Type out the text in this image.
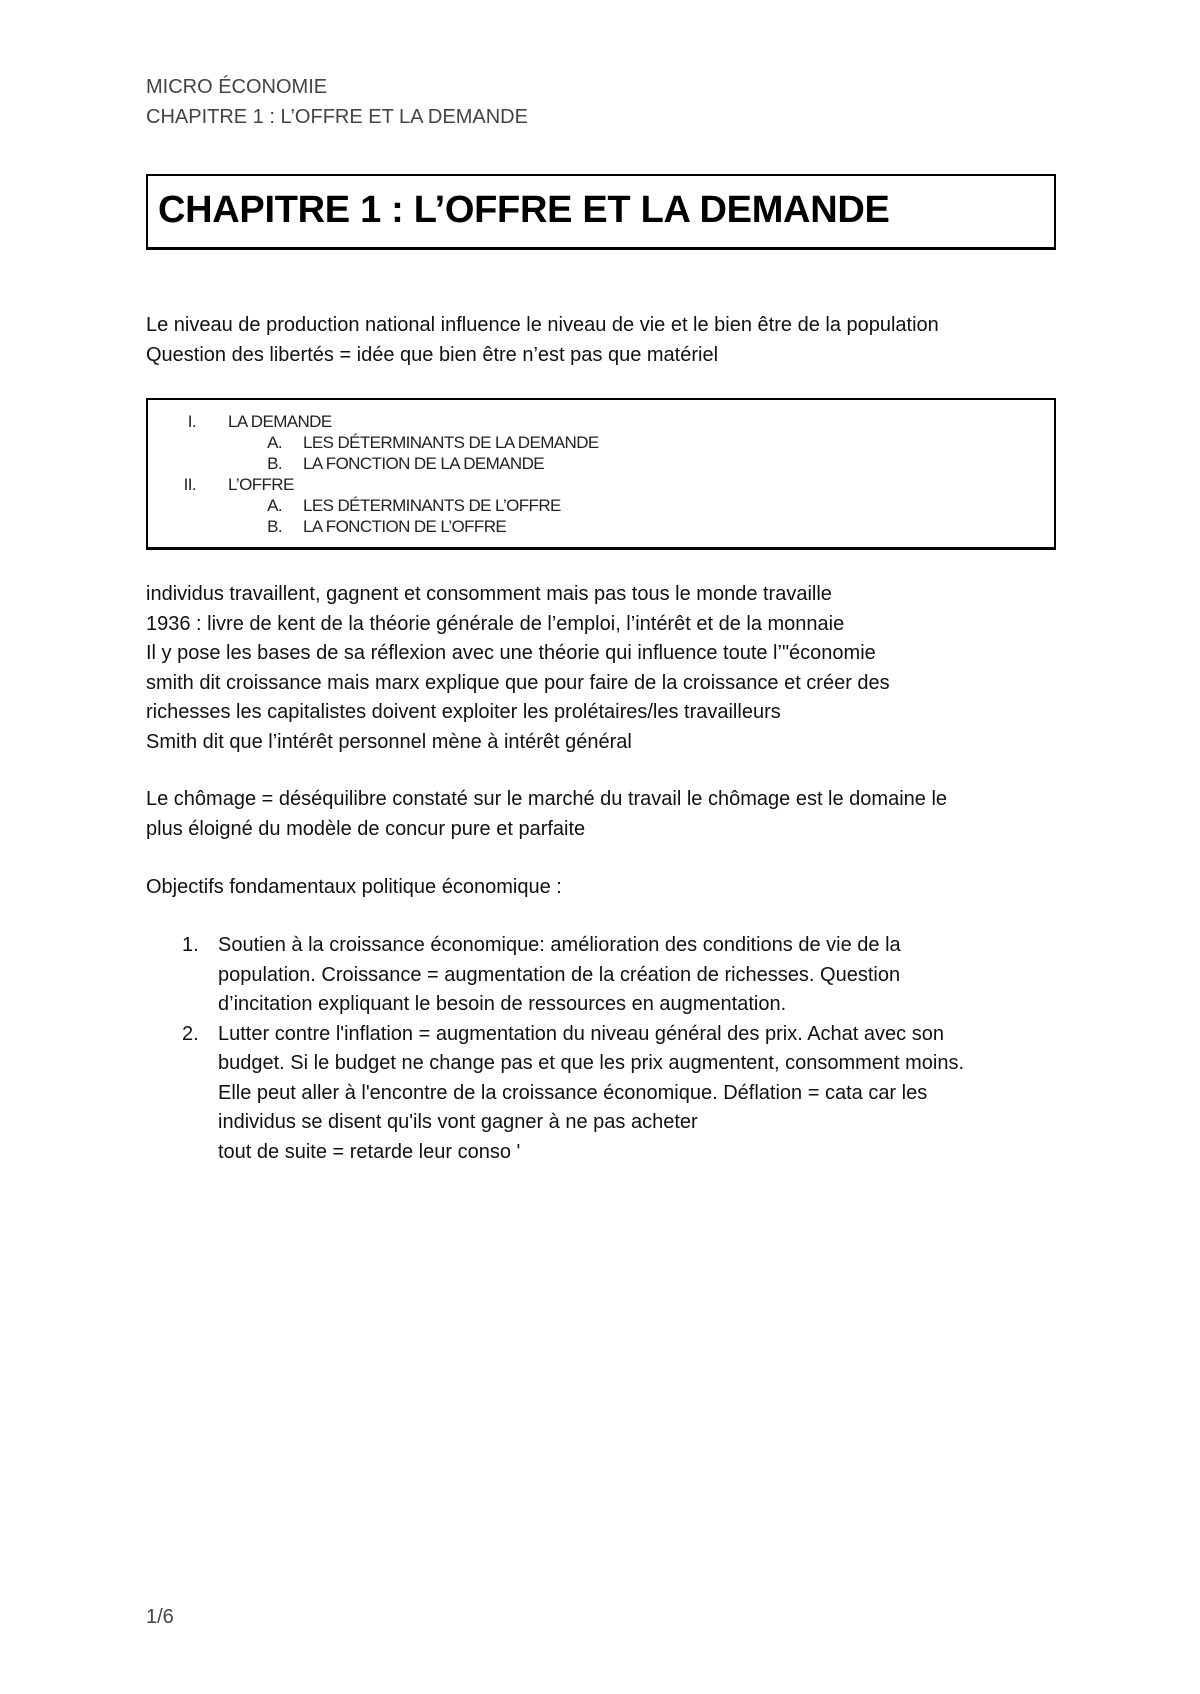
MICRO ÉCONOMIE
CHAPITRE 1 : L’OFFRE ET LA DEMANDE
CHAPITRE 1 : L’OFFRE ET LA DEMANDE

Le niveau de production national influence le niveau de vie et le bien être de la population

Question des libertés = idée que bien être n’est pas que matériel

I. LA DEMANDE
A. LES DÉTERMINANTS DE LA DEMANDE
B. LA FONCTION DE LA DEMANDE
II. L’OFFRE
A. LES DÉTERMINANTS DE L’OFFRE
B. LA FONCTION DE L’OFFRE

individus travaillent, gagnent et consomment mais pas tous le monde travaille

1936 : livre de kent de la théorie générale de l’emploi, l’intérêt et de la monnaie

Il y pose les bases de sa réflexion avec une théorie qui influence toute l’"économie

smith dit croissance mais marx explique que pour faire de la croissance et créer des

richesses les capitalistes doivent exploiter les prolétaires/les travailleurs

Smith dit que l’intérêt personnel mène à intérêt général

Le chômage = déséquilibre constaté sur le marché du travail le chômage est le domaine le

plus éloigné du modèle de concur pure et parfaite

Objectifs fondamentaux politique économique :

1. Soutien à la croissance économique: amélioration des conditions de vie de la

population. Croissance = augmentation de la création de richesses. Question

d’incitation expliquant le besoin de ressources en augmentation.

2. Lutter contre l'inflation = augmentation du niveau général des prix. Achat avec son

budget. Si le budget ne change pas et que les prix augmentent, consomment moins.

Elle peut aller à l'encontre de la croissance économique. Déflation = cata car les

individus se disent qu'ils vont gagner à ne pas acheter

tout de suite = retarde leur conso '

1/6
